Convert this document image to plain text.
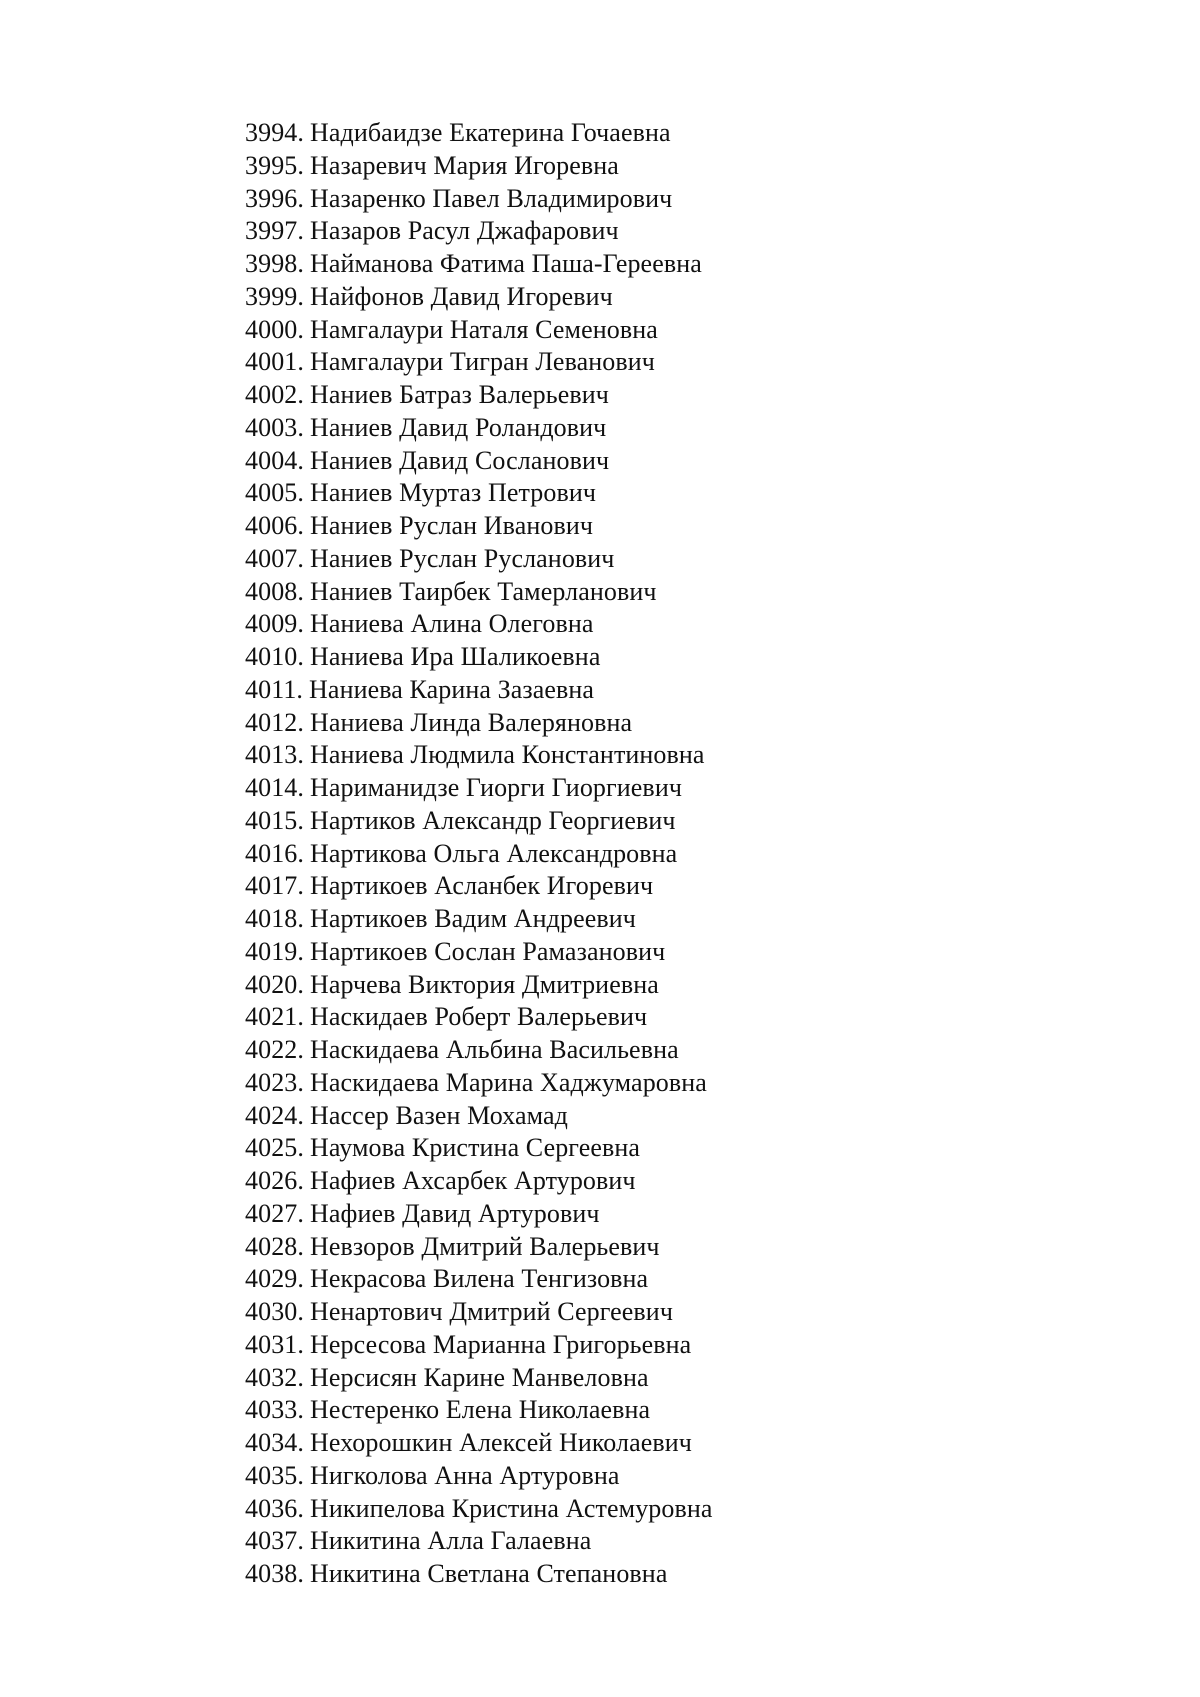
3994. Надибаидзе Екатерина Гочаевна
3995. Назаревич Мария Игоревна
3996. Назаренко Павел Владимирович
3997. Назаров Расул Джафарович
3998. Найманова Фатима Паша-Гереевна
3999. Найфонов Давид Игоревич
4000. Намгалаури Наталя Семеновна
4001. Намгалаури Тигран Леванович
4002. Наниев Батраз Валерьевич
4003. Наниев Давид Роландович
4004. Наниев Давид Сосланович
4005. Наниев Муртаз Петрович
4006. Наниев Руслан Иванович
4007. Наниев Руслан Русланович
4008. Наниев Таирбек Тамерланович
4009. Наниева Алина Олеговна
4010. Наниева Ира Шаликоевна
4011. Наниева Карина Зазаевна
4012. Наниева Линда Валеряновна
4013. Наниева Людмила Константиновна
4014. Нариманидзе Гиорги Гиоргиевич
4015. Нартиков Александр Георгиевич
4016. Нартикова Ольга Александровна
4017. Нартикоев Асланбек Игоревич
4018. Нартикоев Вадим Андреевич
4019. Нартикоев Сослан Рамазанович
4020. Нарчева Виктория Дмитриевна
4021. Наскидаев Роберт Валерьевич
4022. Наскидаева Альбина Васильевна
4023. Наскидаева Марина Хаджумаровна
4024. Нассер Вазен Мохамад
4025. Наумова Кристина Сергеевна
4026. Нафиев Ахсарбек Артурович
4027. Нафиев Давид Артурович
4028. Невзоров Дмитрий Валерьевич
4029. Некрасова Вилена Тенгизовна
4030. Ненартович Дмитрий Сергеевич
4031. Нерсесова Марианна Григорьевна
4032. Нерсисян Карине Манвеловна
4033. Нестеренко Елена Николаевна
4034. Нехорошкин Алексей Николаевич
4035. Нигколова Анна Артуровна
4036. Никипелова Кристина Астемуровна
4037. Никитина Алла Галаевна
4038. Никитина Светлана Степановна
